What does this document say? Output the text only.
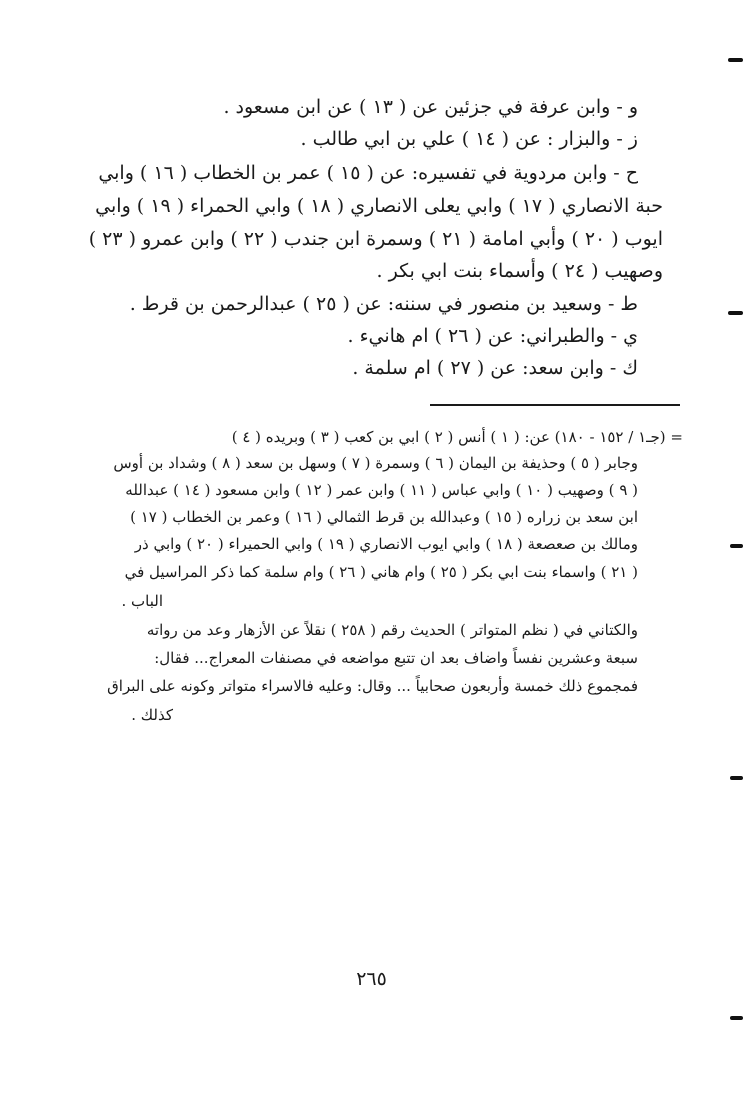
و - وابن عرفة في جزئين عن ( ١٣ ) عن ابن مسعود .
ز - والبزار : عن ( ١٤ ) علي بن ابي طالب .
ح - وابن مردوية في تفسيره: عن ( ١٥ ) عمر بن الخطاب ( ١٦ ) وابي
حبة الانصاري ( ١٧ ) وابي يعلى الانصاري ( ١٨ ) وابي الحمراء ( ١٩ ) وابي
ايوب ( ٢٠ ) وأبي امامة ( ٢١ ) وسمرة ابن جندب ( ٢٢ ) وابن عمرو ( ٢٣ )
وصهيب ( ٢٤ ) وأسماء بنت ابي بكر .
ط - وسعيد بن منصور في سننه: عن ( ٢٥ ) عبدالرحمن بن قرط .
ي - والطبراني: عن ( ٢٦ ) ام هانيء .
ك - وابن سعد: عن ( ٢٧ ) ام سلمة .
= (جـ١ / ١٥٢ - ١٨٠) عن: ( ١ ) أنس ( ٢ ) ابي بن كعب ( ٣ ) وبريده ( ٤ )
وجابر ( ٥ ) وحذيفة بن اليمان ( ٦ ) وسمرة ( ٧ ) وسهل بن سعد ( ٨ ) وشداد بن أوس
( ٩ ) وصهيب ( ١٠ ) وابي عباس ( ١١ ) وابن عمر ( ١٢ ) وابن مسعود ( ١٤ ) عبدالله
ابن سعد بن زراره ( ١٥ ) وعبدالله بن قرط الثمالي ( ١٦ ) وعمر بن الخطاب ( ١٧ )
ومالك بن صعصعة ( ١٨ ) وابي ايوب الانصاري ( ١٩ ) وابي الحميراء ( ٢٠ ) وابي ذر
( ٢١ ) واسماء بنت ابي بكر ( ٢٥ ) وام هاني ( ٢٦ ) وام سلمة كما ذكر المراسيل في
الباب .
والكتاني في ( نظم المتواتر ) الحديث رقم ( ٢٥٨ ) نقلاً عن الأزهار وعد من رواته
سبعة وعشرين نفساً واضاف بعد ان تتبع مواضعه في مصنفات المعراج... فقال:
فمجموع ذلك خمسة وأربعون صحابياً ... وقال: وعليه فالاسراء متواتر وكونه على البراق
كذلك .
٢٦٥
